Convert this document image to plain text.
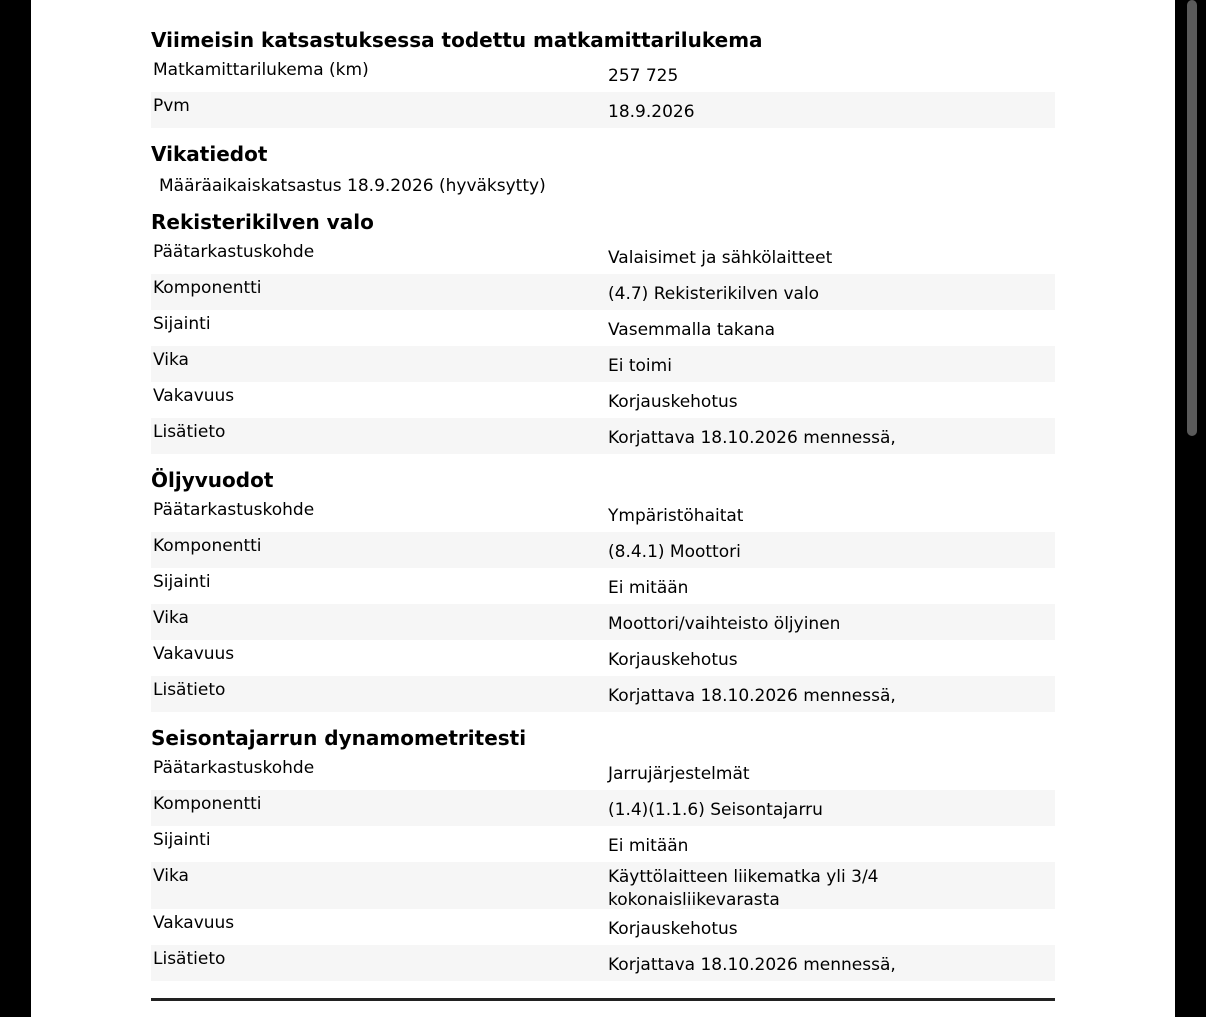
Viimeisin katsastuksessa todettu matkamittarilukema
Matkamittarilukema (km)	257 725
Pvm	18.9.2026
Vikatiedot
Määräaikaiskatsastus 18.9.2026 (hyväksytty)
Rekisterikilven valo
Päätarkastuskohde	Valaisimet ja sähkölaitteet
Komponentti	(4.7) Rekisterikilven valo
Sijainti	Vasemmalla takana
Vika	Ei toimi
Vakavuus	Korjauskehotus
Lisätieto	Korjattava 18.10.2026 mennessä,
Öljyvuodot
Päätarkastuskohde	Ympäristöhaitat
Komponentti	(8.4.1) Moottori
Sijainti	Ei mitään
Vika	Moottori/vaihteisto öljyinen
Vakavuus	Korjauskehotus
Lisätieto	Korjattava 18.10.2026 mennessä,
Seisontajarrun dynamometritesti
Päätarkastuskohde	Jarrujärjestelmät
Komponentti	(1.4)(1.1.6) Seisontajarru
Sijainti	Ei mitään
Vika	Käyttölaitteen liikematka yli 3/4 kokonaisliikevarasta
Vakavuus	Korjauskehotus
Lisätieto	Korjattava 18.10.2026 mennessä,
